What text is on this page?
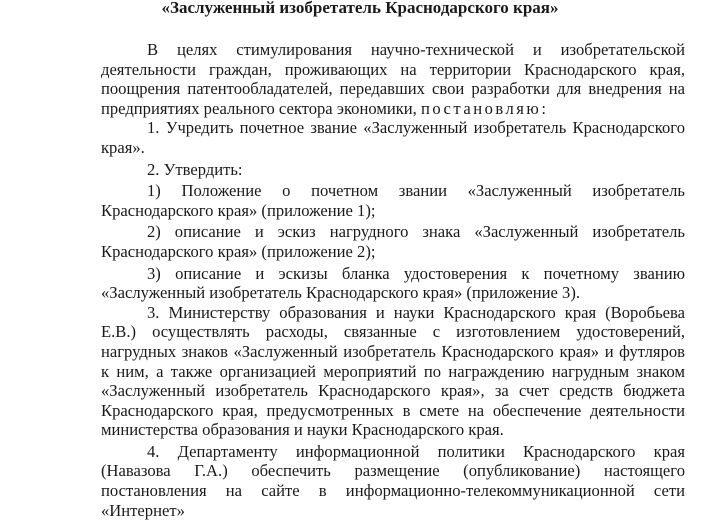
«Заслуженный изобретатель Краснодарского края»

В целях стимулирования научно-технической и изобретательской деятельности граждан, проживающих на территории Краснодарского края, поощрения патентообладателей, передавших свои разработки для внедрения на предприятиях реального сектора экономики, постановляю:

1. Учредить почетное звание «Заслуженный изобретатель Краснодарского края».

2. Утвердить:

1) Положение о почетном звании «Заслуженный изобретатель Краснодарского края» (приложение 1);

2) описание и эскиз нагрудного знака «Заслуженный изобретатель Краснодарского края» (приложение 2);

3) описание и эскизы бланка удостоверения к почетному званию «Заслуженный изобретатель Краснодарского края» (приложение 3).

3. Министерству образования и науки Краснодарского края (Воробьева Е.В.) осуществлять расходы, связанные с изготовлением удостоверений, нагрудных знаков «Заслуженный изобретатель Краснодарского края» и футляров к ним, а также организацией мероприятий по награждению нагрудным знаком «Заслуженный изобретатель Краснодарского края», за счет средств бюджета Краснодарского края, предусмотренных в смете на обеспечение деятельности министерства образования и науки Краснодарского края.

4. Департаменту информационной политики Краснодарского края (Навазова Г.А.) обеспечить размещение (опубликование) настоящего постановления на сайте в информационно-телекоммуникационной сети «Интернет»
